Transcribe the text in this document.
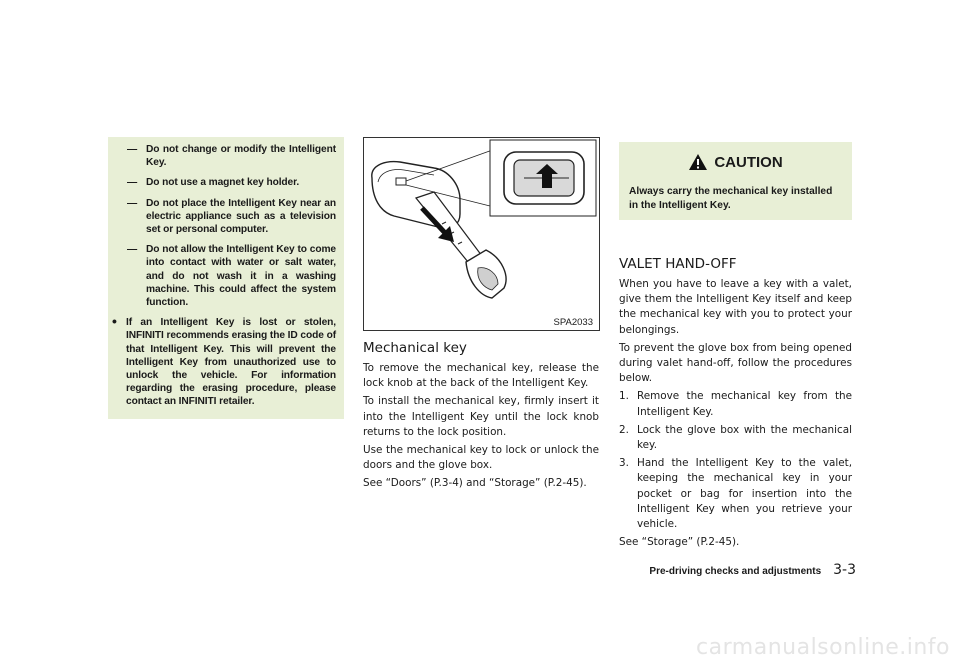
— Do not change or modify the Intelligent Key.
— Do not use a magnet key holder.
— Do not place the Intelligent Key near an electric appliance such as a television set or personal computer.
— Do not allow the Intelligent Key to come into contact with water or salt water, and do not wash it in a washing machine. This could affect the system function.
• If an Intelligent Key is lost or stolen, INFINITI recommends erasing the ID code of that Intelligent Key. This will prevent the Intelligent Key from unauthorized use to unlock the vehicle. For information regarding the erasing procedure, please contact an INFINITI retailer.
SPA2033
Mechanical key

To remove the mechanical key, release the lock knob at the back of the Intelligent Key.

To install the mechanical key, firmly insert it into the Intelligent Key until the lock knob returns to the lock position.

Use the mechanical key to lock or unlock the doors and the glove box.

See “Doors” (P.3-4) and “Storage” (P.2-45).

CAUTION
Always carry the mechanical key installed in the Intelligent Key.
VALET HAND-OFF

When you have to leave a key with a valet, give them the Intelligent Key itself and keep the mechanical key with you to protect your belongings.

To prevent the glove box from being opened during valet hand-off, follow the procedures below.

1. Remove the mechanical key from the Intelligent Key.
2. Lock the glove box with the mechanical key.
3. Hand the Intelligent Key to the valet, keeping the mechanical key in your pocket or bag for insertion into the Intelligent Key when you retrieve your vehicle.

See “Storage” (P.2-45).

Pre-driving checks and adjustments 3-3
carmanualsonline.info
